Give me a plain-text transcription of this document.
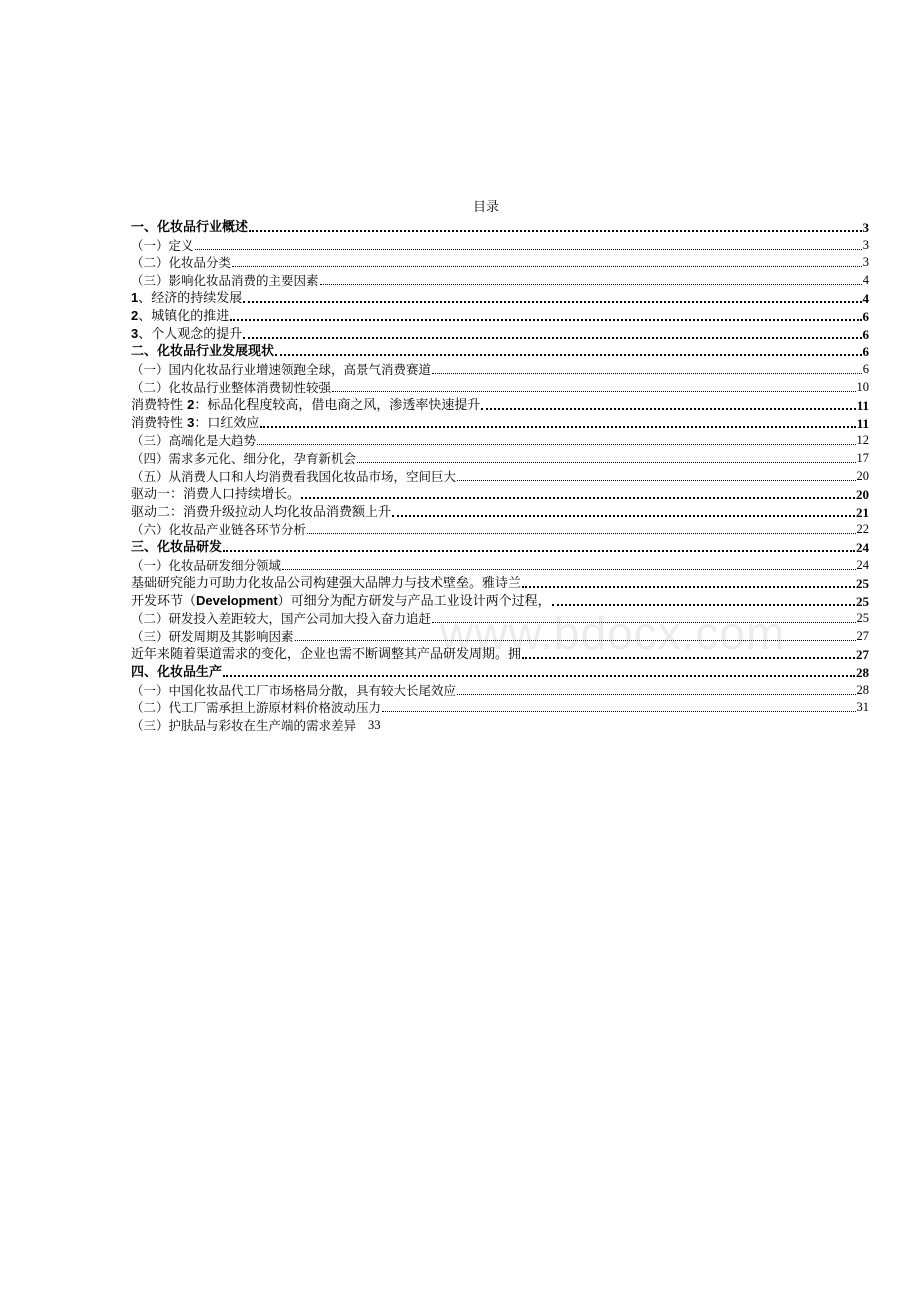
目录
一、化妆品行业概述	3
（一）定义	3
（二）化妆品分类	3
（三）影响化妆品消费的主要因素	4
1、经济的持续发展	4
2、城镇化的推进	6
3、个人观念的提升	6
二、化妆品行业发展现状	6
（一）国内化妆品行业增速领跑全球，高景气消费赛道	6
（二）化妆品行业整体消费韧性较强	10
消费特性 2：标品化程度较高，借电商之风，渗透率快速提升	11
消费特性 3：口红效应	11
（三）高端化是大趋势	12
（四）需求多元化、细分化，孕育新机会	17
（五）从消费人口和人均消费看我国化妆品市场，空间巨大	20
驱动一：消费人口持续增长。	20
驱动二：消费升级拉动人均化妆品消费额上升	21
（六）化妆品产业链各环节分析	22
三、化妆品研发	24
（一）化妆品研发细分领域	24
基础研究能力可助力化妆品公司构建强大品牌力与技术壁垒。雅诗兰	25
开发环节（Development）可细分为配方研发与产品工业设计两个过程，	25
（二）研发投入差距较大，国产公司加大投入奋力追赶	25
（三）研发周期及其影响因素	27
近年来随着渠道需求的变化，企业也需不断调整其产品研发周期。拥	27
四、化妆品生产	28
（一）中国化妆品代工厂市场格局分散，具有较大长尾效应	28
（二）代工厂需承担上游原材料价格波动压力	31
（三）护肤品与彩妆在生产端的需求差异 33
www.bdocx.com
